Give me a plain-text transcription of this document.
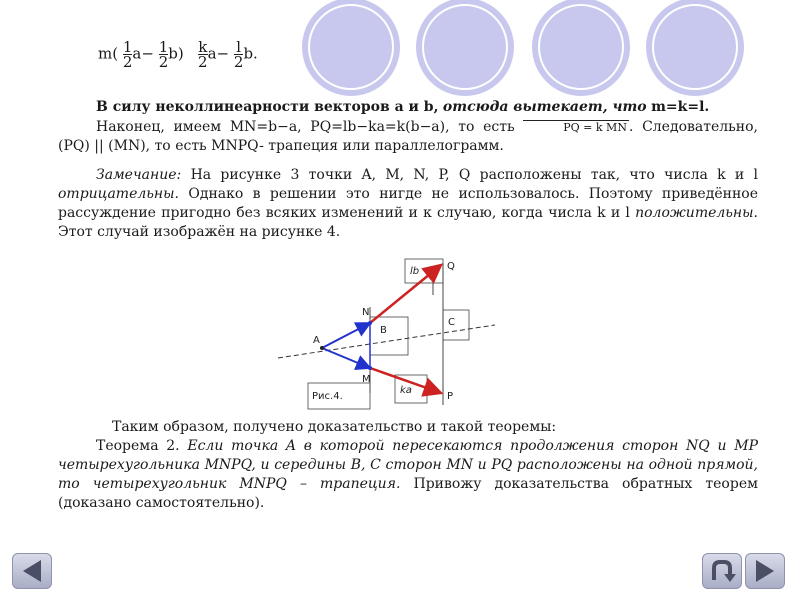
$m( \frac{1}{2} a- \frac{1}{2} b) \frac{k}{2} a- \frac{l}{2} b$.
В силу неколлинеарности векторов a и b, отсюда вытекает, что m=k=l.
Наконец, имеем MN=b−a, PQ=lb−ka=k(b−a), то есть	PQ = k MN . Следовательно, (PQ) || (MN), то есть MNPQ- трапеция или параллелограмм.
Замечание: На рисунке 3 точки A, M, N, P, Q расположены так, что числа k и l отрицательны. Однако в решении это нигде не использовалось. Поэтому приведённое рассуждение пригодно без всяких изменений и к случаю, когда числа k и l положительны. Этот случай изображён на рисунке 4.
A
N
M
B
C
Q
P
lb
ka
Рис.4.
Таким образом, получено доказательство и такой теоремы:
Теорема 2. Если точка A в которой пересекаются продолжения сторон NQ и MP четырехугольника MNPQ, и середины B, C сторон MN и PQ расположены на одной прямой, то четырехугольник MNPQ – трапеция. Привожу доказательства обратных теорем (доказано самостоятельно).
